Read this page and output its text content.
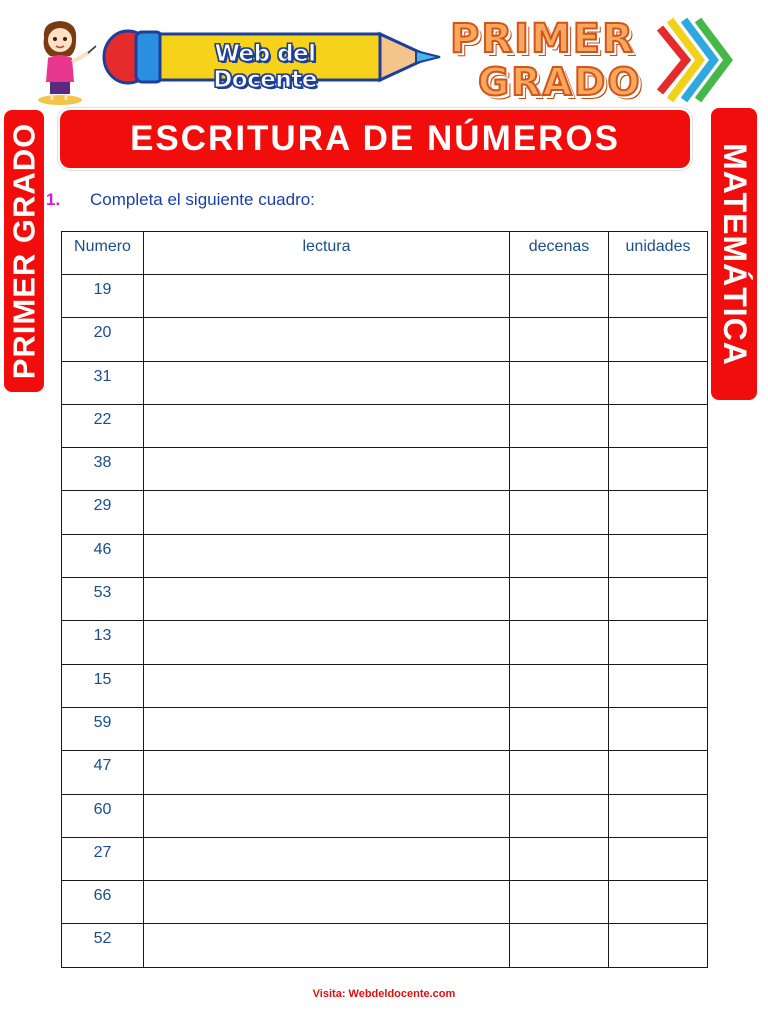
Web del Docente
PRIMER
GRADO
PRIMER GRADO	MATEMÁTICA
ESCRITURA DE NÚMEROS
1.	Completa el siguiente cuadro:
Numero	lectura	decenas	unidades
19			
20			
31			
22			
38			
29			
46			
53			
13			
15			
59			
47			
60			
27			
66			
52			
Visita: Webdeldocente.com
